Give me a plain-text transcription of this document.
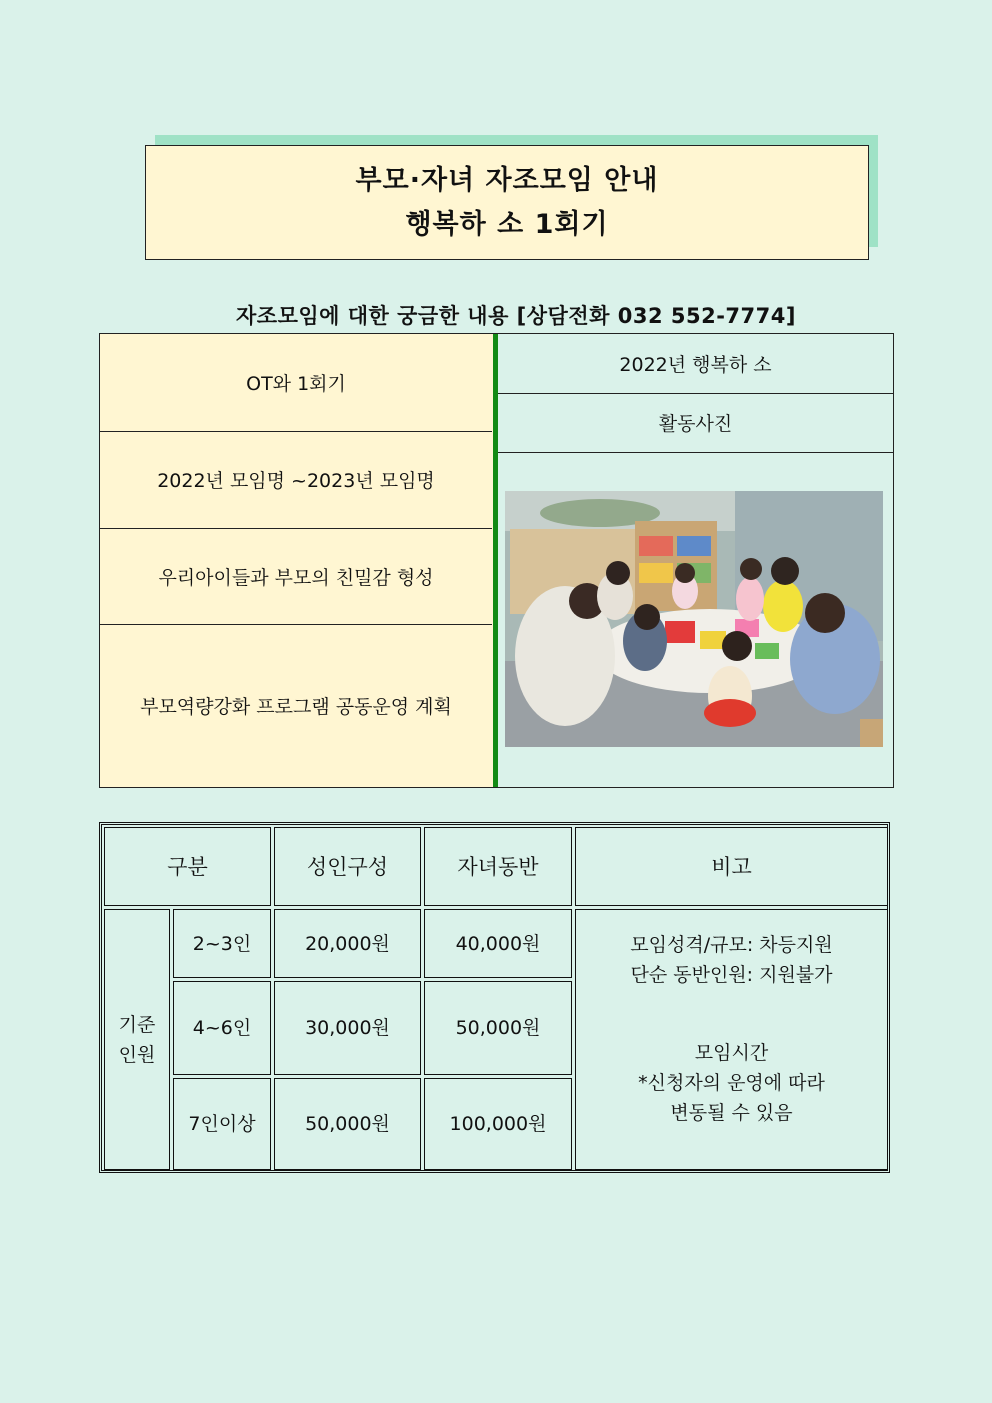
부모·자녀 자조모임 안내
행복하 소 1회기
자조모임에 대한 궁금한 내용 [상담전화 032 552-7774]
OT와 1회기
2022년 모임명 ~2023년 모임명
우리아이들과 부모의 친밀감 형성
부모역량강화 프로그램 공동운영 계획
2022년 행복하 소
활동사진
구분	성인구성	자녀동반	비고
기준
인원
2~3인	20,000원	40,000원
4~6인	30,000원	50,000원
7인이상	50,000원	100,000원
모임성격/규모: 차등지원
단순 동반인원: 지원불가
모임시간
*신청자의 운영에 따라
변동될 수 있음
